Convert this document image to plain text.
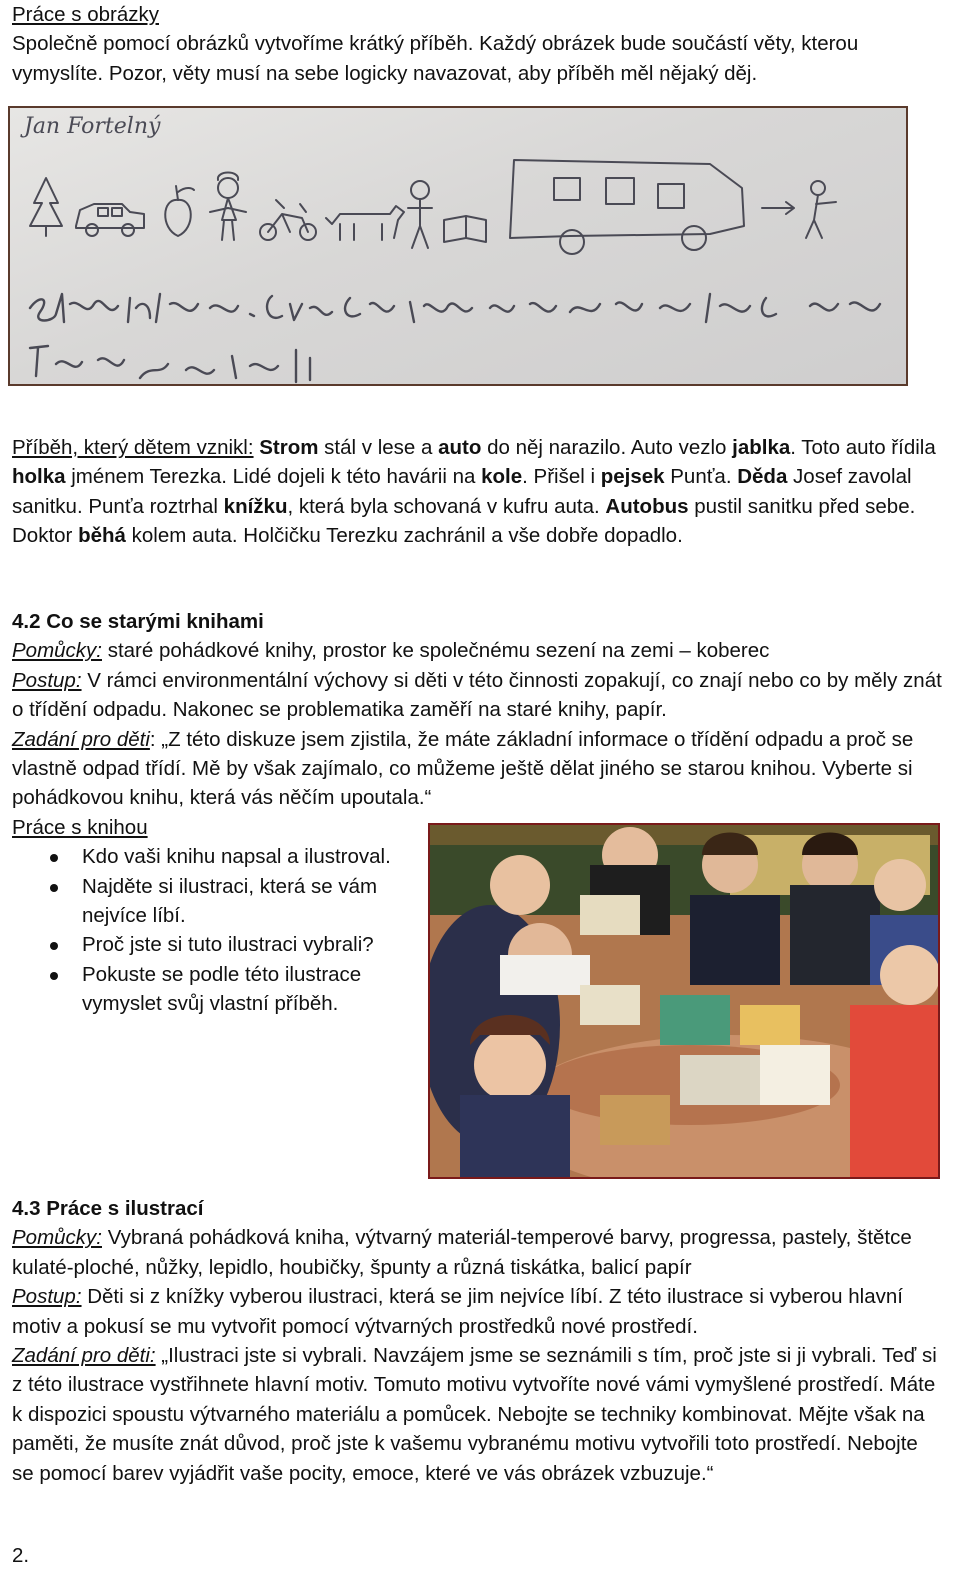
Práce s obrázky

Společně pomocí obrázků vytvoříme krátký příběh. Každý obrázek bude součástí věty, kterou vymyslíte. Pozor, věty musí na sebe logicky navazovat, aby příběh měl nějaký děj.

Jan Fortelný

Příběh, který dětem vznikl: Strom stál v lese a auto do něj narazilo. Auto vezlo jablka. Toto auto řídila holka jménem Terezka. Lidé dojeli k této havárii na kole. Přišel i pejsek Punťa. Děda Josef zavolal sanitku. Punťa roztrhal knížku, která byla schovaná v kufru auta. Autobus pustil sanitku před sebe. Doktor běhá kolem auta. Holčičku Terezku zachránil a vše dobře dopadlo.

4.2 Co se starými knihami

Pomůcky: staré pohádkové knihy, prostor ke společnému sezení na zemi – koberec

Postup: V rámci environmentální výchovy si děti v této činnosti zopakují, co znají nebo co by měly znát o třídění odpadu. Nakonec se problematika zaměří na staré knihy, papír.

Zadání pro děti: „Z této diskuze jsem zjistila, že máte základní informace o třídění odpadu a proč se vlastně odpad třídí. Mě by však zajímalo, co můžeme ještě dělat jiného se starou knihou. Vyberte si pohádkovou knihu, která vás něčím upoutala.“

Práce s knihou

Kdo vaši knihu napsal a ilustroval.
Najděte si ilustraci, která se vám nejvíce líbí.
Proč jste si tuto ilustraci vybrali?
Pokuste se podle této ilustrace vymyslet svůj vlastní příběh.

4.3 Práce s ilustrací

Pomůcky: Vybraná pohádková kniha, výtvarný materiál-temperové barvy, progressa, pastely, štětce kulaté-ploché, nůžky, lepidlo, houbičky, špunty a různá tiskátka, balicí papír

Postup: Děti si z knížky vyberou ilustraci, která se jim nejvíce líbí. Z této ilustrace si vyberou hlavní motiv a pokusí se mu vytvořit pomocí výtvarných prostředků nové prostředí.

Zadání pro děti: „Ilustraci jste si vybrali. Navzájem jsme se seznámili s tím, proč jste si ji vybrali. Teď si z této ilustrace vystřihnete hlavní motiv. Tomuto motivu vytvoříte nové vámi vymyšlené prostředí. Máte k dispozici spoustu výtvarného materiálu a pomůcek. Nebojte se techniky kombinovat. Mějte však na paměti, že musíte znát důvod, proč jste k vašemu vybranému motivu vytvořili toto prostředí. Nebojte se pomocí barev vyjádřit vaše pocity, emoce, které ve vás obrázek vzbuzuje.“

2.
